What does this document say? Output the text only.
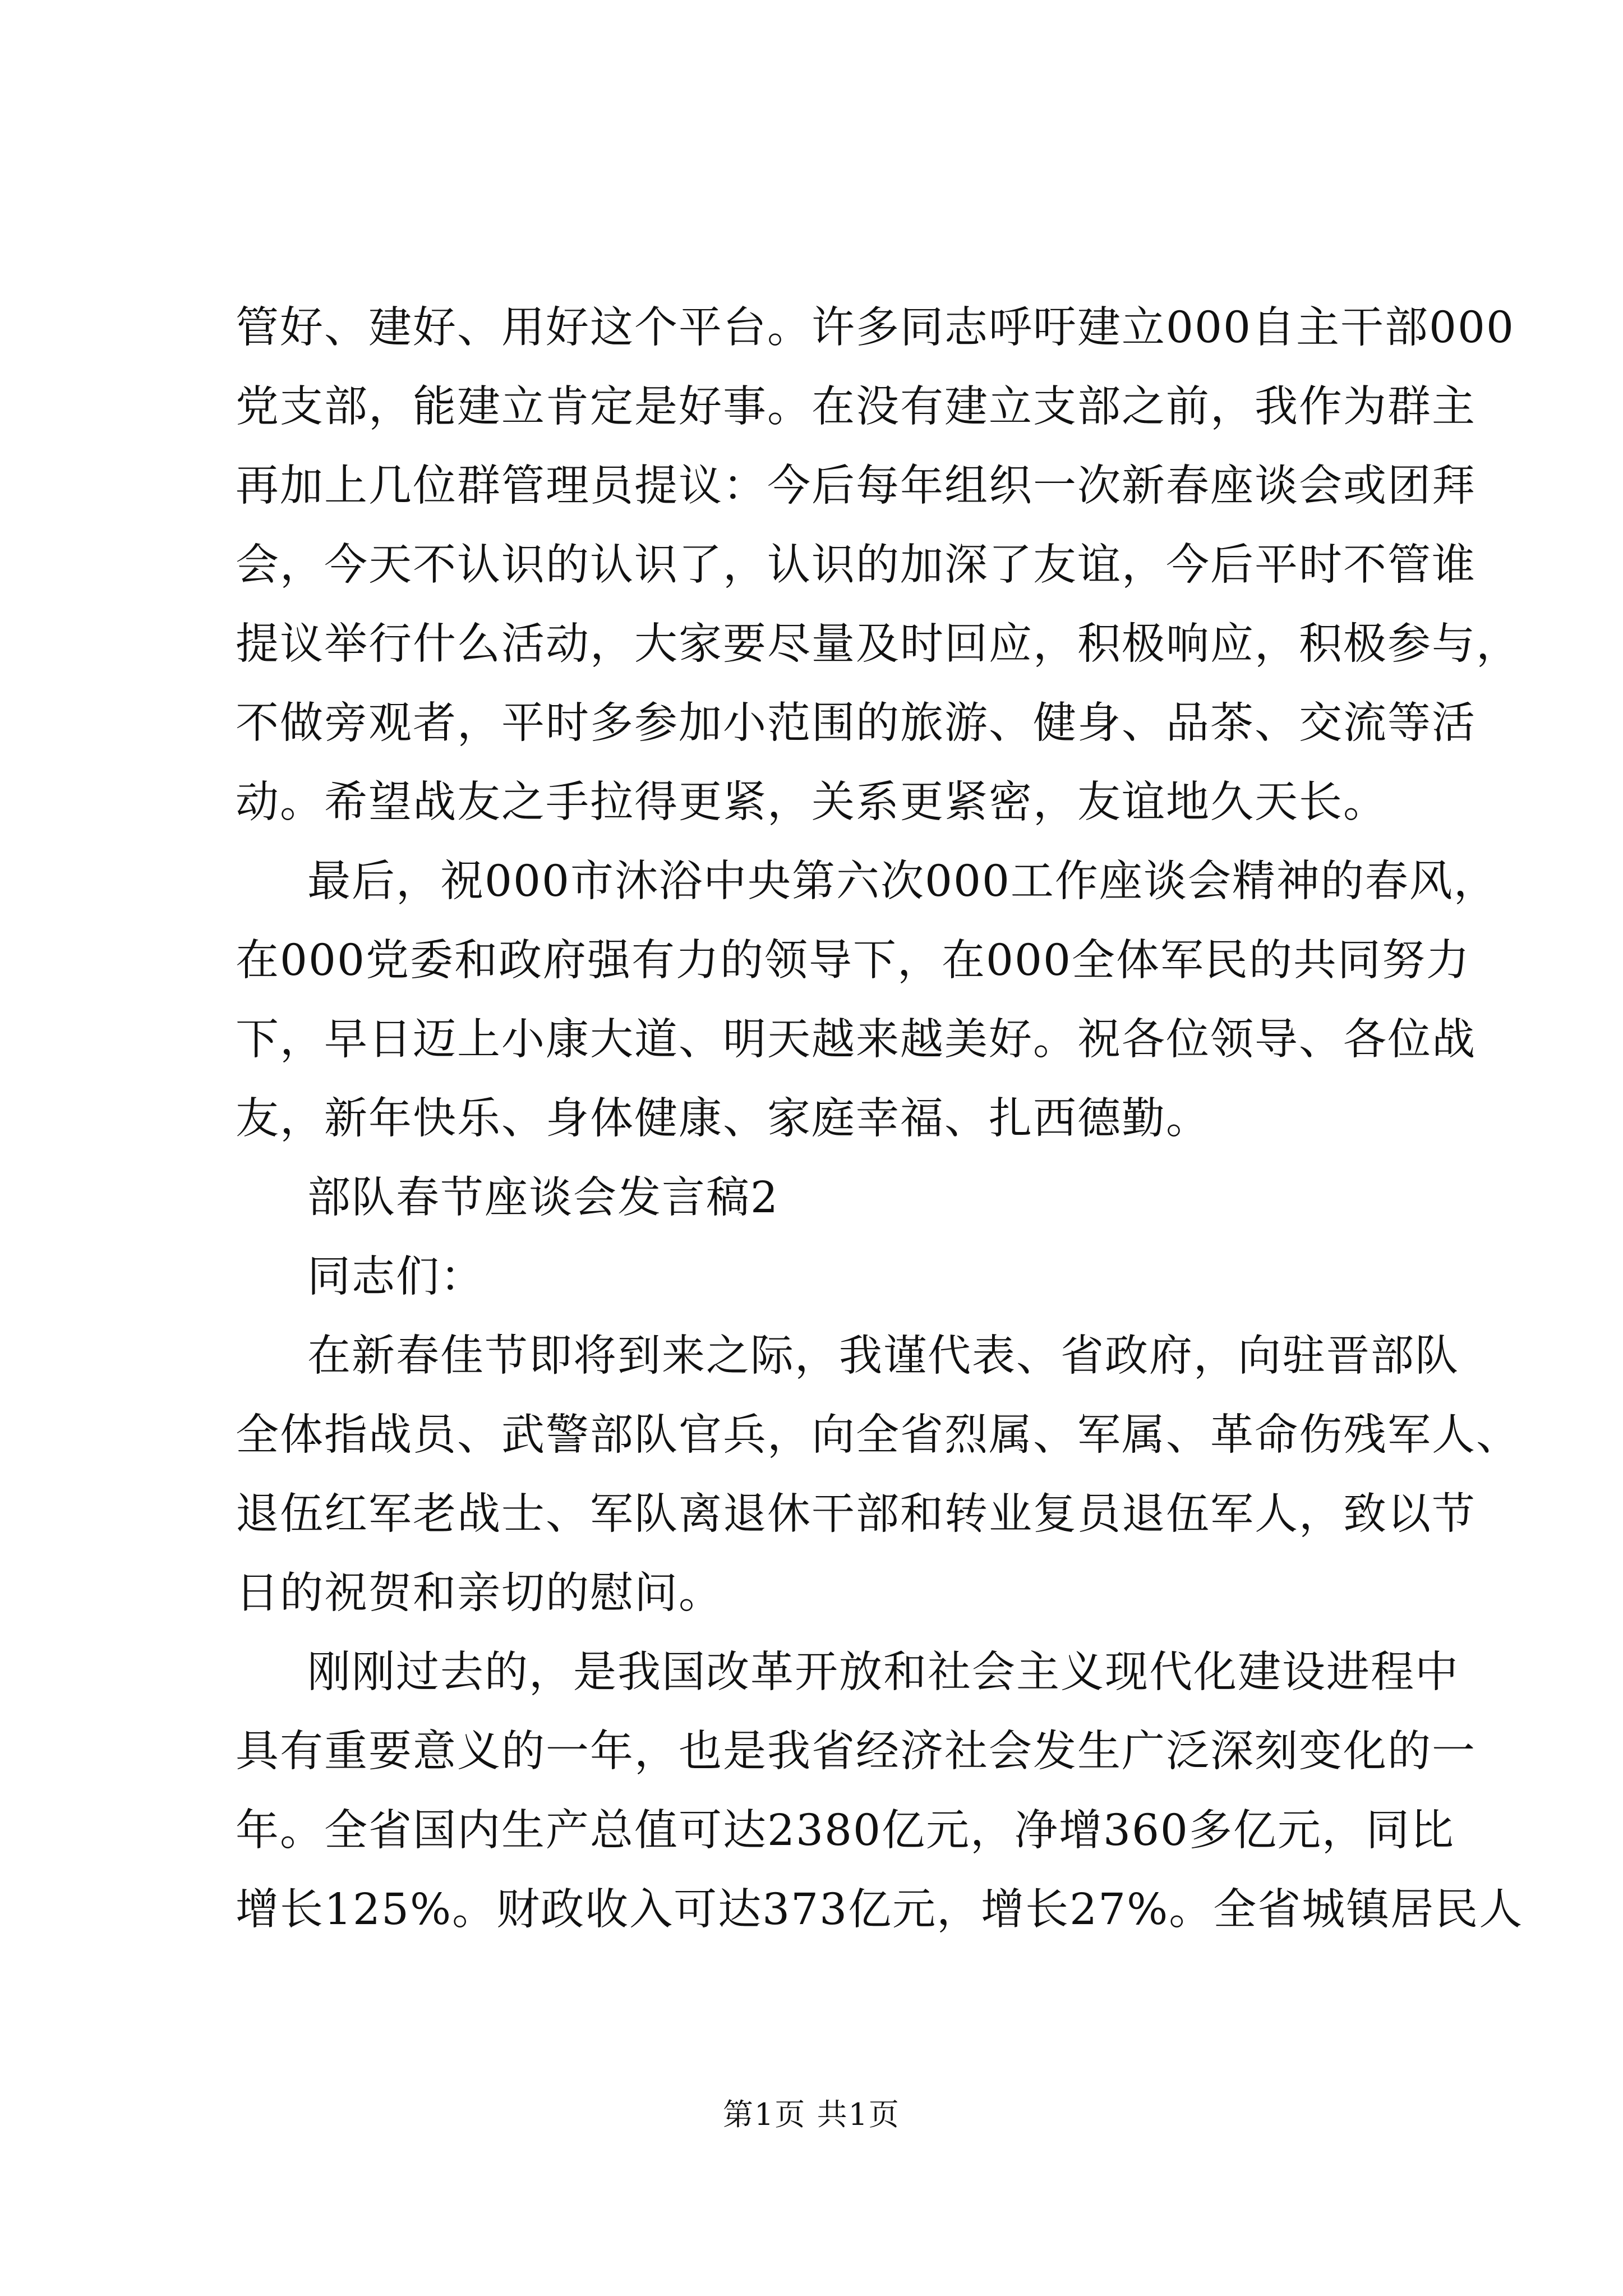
管好、建好、用好这个平台。许多同志呼吁建立000自主干部000
党支部，能建立肯定是好事。在没有建立支部之前，我作为群主
再加上几位群管理员提议：今后每年组织一次新春座谈会或团拜
会，今天不认识的认识了，认识的加深了友谊，今后平时不管谁
提议举行什么活动，大家要尽量及时回应，积极响应，积极参与，
不做旁观者，平时多参加小范围的旅游、健身、品茶、交流等活
动。希望战友之手拉得更紧，关系更紧密，友谊地久天长。
最后，祝000市沐浴中央第六次000工作座谈会精神的春风，
在000党委和政府强有力的领导下，在000全体军民的共同努力
下，早日迈上小康大道、明天越来越美好。祝各位领导、各位战
友，新年快乐、身体健康、家庭幸福、扎西德勤。
部队春节座谈会发言稿2
同志们：
在新春佳节即将到来之际，我谨代表、省政府，向驻晋部队
全体指战员、武警部队官兵，向全省烈属、军属、革命伤残军人、
退伍红军老战士、军队离退休干部和转业复员退伍军人，致以节
日的祝贺和亲切的慰问。
刚刚过去的，是我国改革开放和社会主义现代化建设进程中
具有重要意义的一年，也是我省经济社会发生广泛深刻变化的一
年。全省国内生产总值可达2380亿元，净增360多亿元，同比
增长125%。财政收入可达373亿元，增长27%。全省城镇居民人
第1页 共1页
